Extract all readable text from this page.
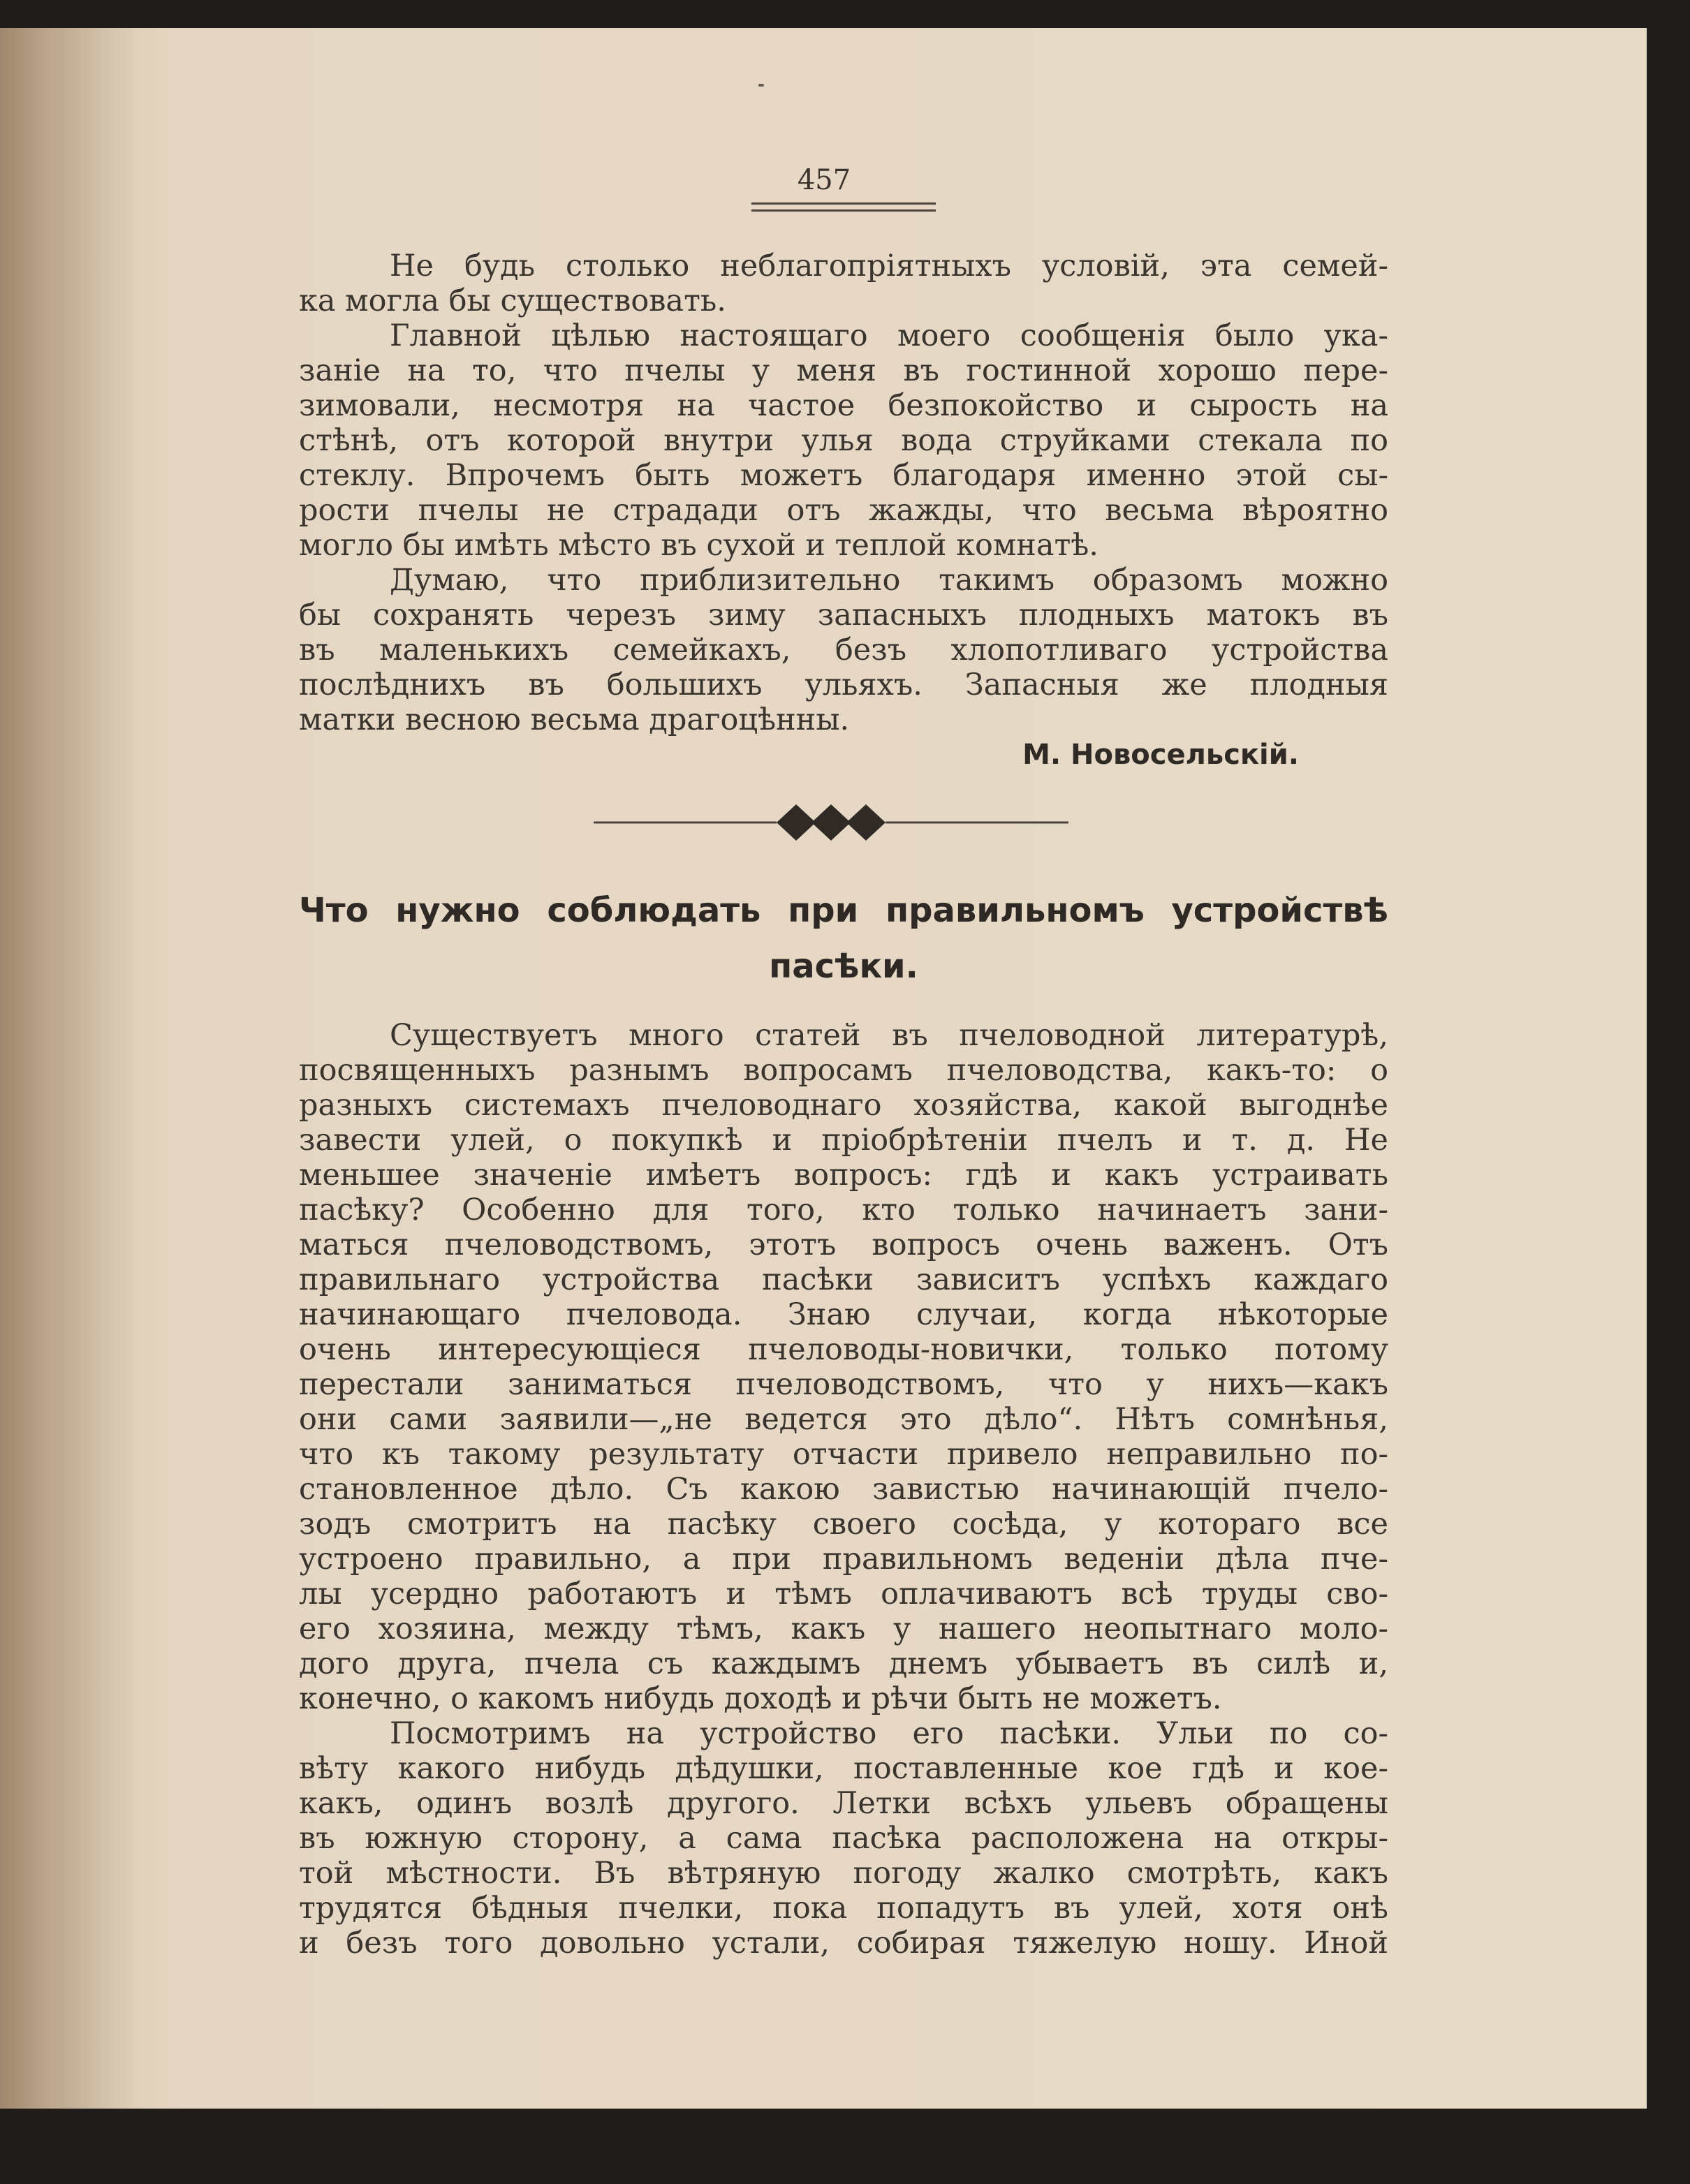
457

Не будь столько неблагопріятныхъ условій, эта семей-
ка могла бы существовать.

Главной цѣлью настоящаго моего сообщенія было ука-
заніе на то, что пчелы у меня въ гостинной хорошо пере-
зимовали, несмотря на частое безпокойство и сырость на
стѣнѣ, отъ которой внутри улья вода струйками стекала по
стеклу. Впрочемъ быть можетъ благодаря именно этой сы-
рости пчелы не страдади отъ жажды, что весьма вѣроятно
могло бы имѣть мѣсто въ сухой и теплой комнатѣ.

Думаю, что приблизительно такимъ образомъ можно
бы сохранять черезъ зиму запасныхъ плодныхъ матокъ въ
въ маленькихъ семейкахъ, безъ хлопотливаго устройства
послѣднихъ въ большихъ ульяхъ. Запасныя же плодныя
матки весною весьма драгоцѣнны.

М. Новосельскій.
Что нужно соблюдать при правильномъ устройствѣ
пасѣки.

Существуетъ много статей въ пчеловодной литературѣ,
посвященныхъ разнымъ вопросамъ пчеловодства, какъ-то: о
разныхъ системахъ пчеловоднаго хозяйства, какой выгоднѣе
завести улей, о покупкѣ и пріобрѣтеніи пчелъ и т. д. Не
меньшее значеніе имѣетъ вопросъ: гдѣ и какъ устраивать
пасѣку? Особенно для того, кто только начинаетъ зани-
маться пчеловодствомъ, этотъ вопросъ очень важенъ. Отъ
правильнаго устройства пасѣки зависитъ успѣхъ каждаго
начинающаго пчеловода. Знаю случаи, когда нѣкоторые
очень интересующіеся пчеловоды-новички, только потому
перестали заниматься пчеловодствомъ, что у нихъ—какъ
они сами заявили—„не ведется это дѣло“. Нѣтъ сомнѣнья,
что къ такому результату отчасти привело неправильно по-
становленное дѣло. Съ какою завистью начинающій пчело-
зодъ смотритъ на пасѣку своего сосѣда, у котораго все
устроено правильно, а при правильномъ веденіи дѣла пче-
лы усердно работаютъ и тѣмъ оплачиваютъ всѣ труды сво-
его хозяина, между тѣмъ, какъ у нашего неопытнаго моло-
дого друга, пчела съ каждымъ днемъ убываетъ въ силѣ и,
конечно, о какомъ нибудь доходѣ и рѣчи быть не можетъ.

Посмотримъ на устройство его пасѣки. Ульи по со-
вѣту какого нибудь дѣдушки, поставленные кое гдѣ и кое-
какъ, одинъ возлѣ другого. Летки всѣхъ ульевъ обращены
въ южную сторону, а сама пасѣка расположена на откры-
той мѣстности. Въ вѣтряную погоду жалко смотрѣть, какъ
трудятся бѣдныя пчелки, пока попадутъ въ улей, хотя онѣ
и безъ того довольно устали, собирая тяжелую ношу. Иной
